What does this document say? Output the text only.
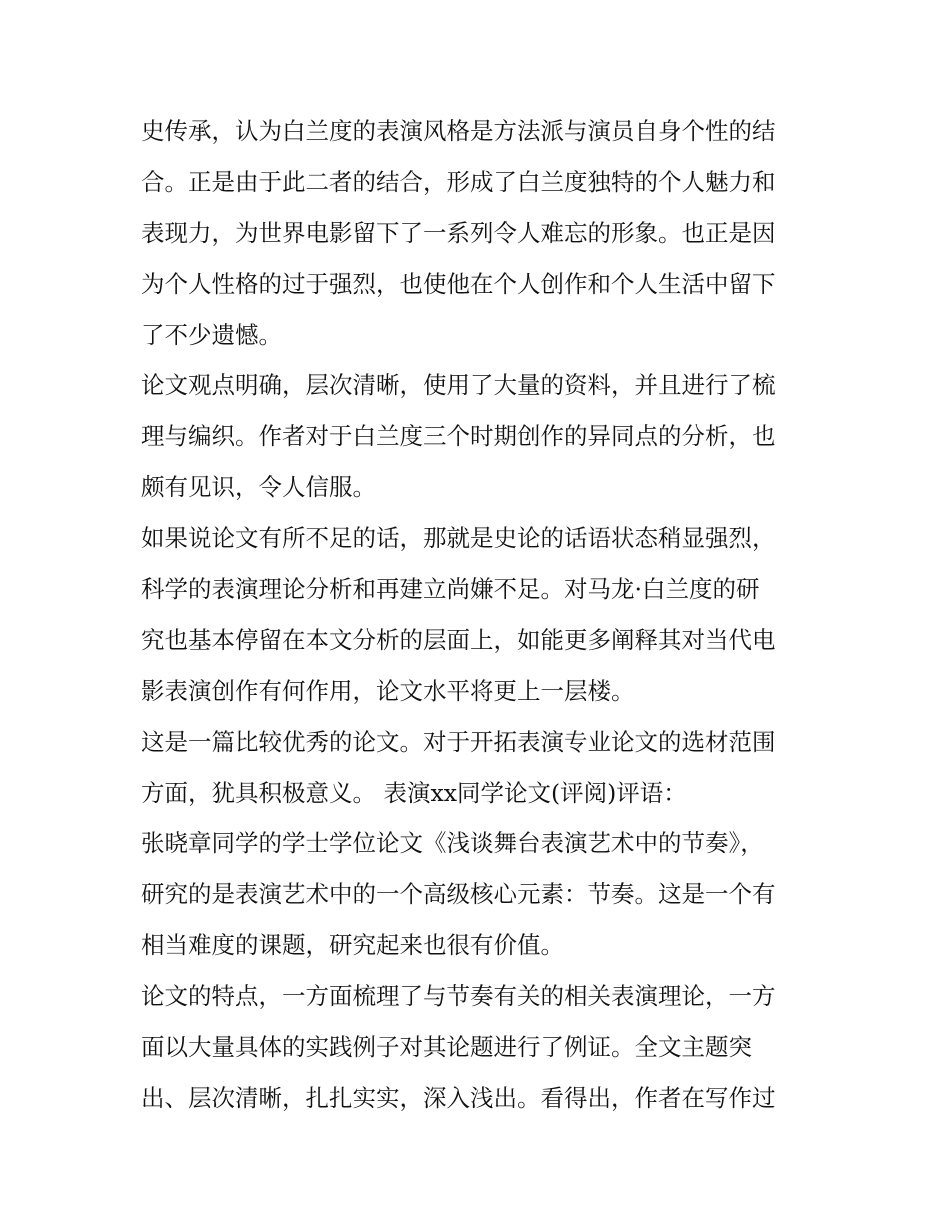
史传承，认为白兰度的表演风格是方法派与演员自身个性的结
合。正是由于此二者的结合，形成了白兰度独特的个人魅力和
表现力，为世界电影留下了一系列令人难忘的形象。也正是因
为个人性格的过于强烈，也使他在个人创作和个人生活中留下
了不少遗憾。
论文观点明确，层次清晰，使用了大量的资料，并且进行了梳
理与编织。作者对于白兰度三个时期创作的异同点的分析，也
颇有见识，令人信服。
如果说论文有所不足的话，那就是史论的话语状态稍显强烈，
科学的表演理论分析和再建立尚嫌不足。对马龙·白兰度的研
究也基本停留在本文分析的层面上，如能更多阐释其对当代电
影表演创作有何作用，论文水平将更上一层楼。
这是一篇比较优秀的论文。对于开拓表演专业论文的选材范围
方面，犹具积极意义。 表演xx同学论文(评阅)评语：
张晓章同学的学士学位论文《浅谈舞台表演艺术中的节奏》，
研究的是表演艺术中的一个高级核心元素：节奏。这是一个有
相当难度的课题，研究起来也很有价值。
论文的特点，一方面梳理了与节奏有关的相关表演理论，一方
面以大量具体的实践例子对其论题进行了例证。全文主题突
出、层次清晰，扎扎实实，深入浅出。看得出，作者在写作过
